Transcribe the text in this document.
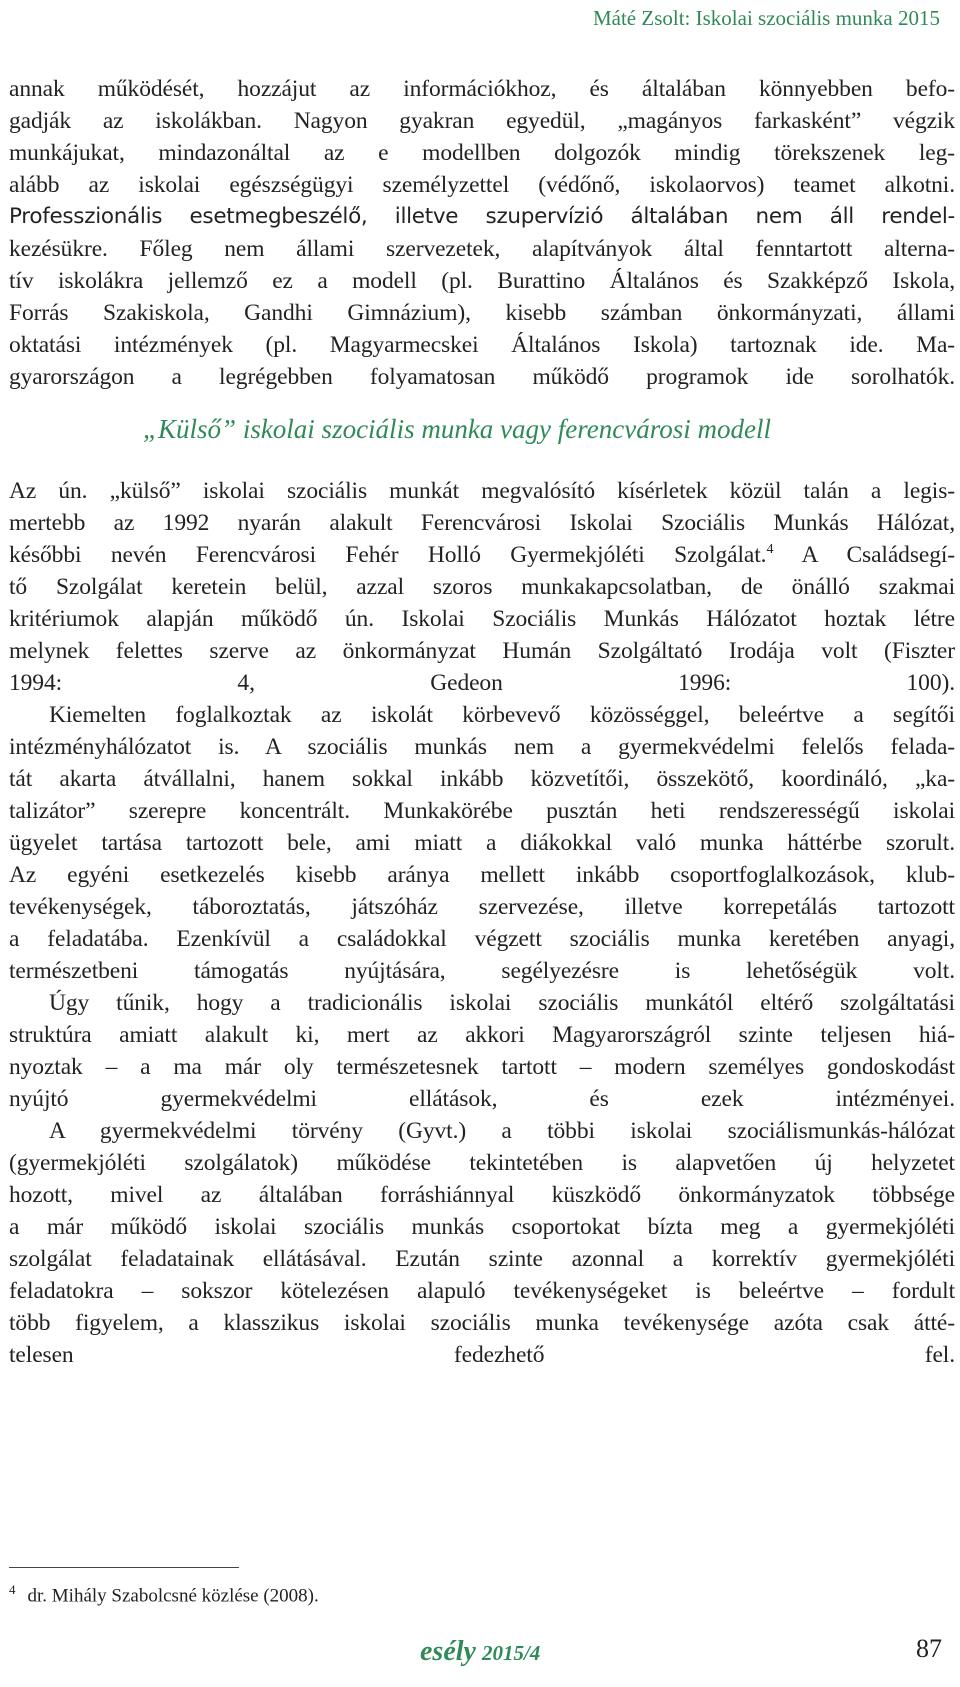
Máté Zsolt: Iskolai szociális munka 2015
annak működését, hozzájut az információkhoz, és általában könnyebben befo-
gadják az iskolákban. Nagyon gyakran egyedül, „magányos farkasként” végzik
munkájukat, mindazonáltal az e modellben dolgozók mindig törekszenek leg-
alább az iskolai egészségügyi személyzettel (védőnő, iskolaorvos) teamet alkotni.
Professzionális esetmegbeszélő, illetve szupervízió általában nem áll rendel-
kezésükre. Főleg nem állami szervezetek, alapítványok által fenntartott alterna-
tív iskolákra jellemző ez a modell (pl. Burattino Általános és Szakképző Iskola,
Forrás Szakiskola, Gandhi Gimnázium), kisebb számban önkormányzati, állami
oktatási intézmények (pl. Magyarmecskei Általános Iskola) tartoznak ide. Ma-
gyarországon a legrégebben folyamatosan működő programok ide sorolhatók.
„Külső” iskolai szociális munka vagy ferencvárosi modell
Az ún. „külső” iskolai szociális munkát megvalósító kísérletek közül talán a legis-
mertebb az 1992 nyarán alakult Ferencvárosi Iskolai Szociális Munkás Hálózat,
későbbi nevén Ferencvárosi Fehér Holló Gyermekjóléti Szolgálat.$^4$ A Családsegí-
tő Szolgálat keretein belül, azzal szoros munkakapcsolatban, de önálló szakmai
kritériumok alapján működő ún. Iskolai Szociális Munkás Hálózatot hoztak létre
melynek felettes szerve az önkormányzat Humán Szolgáltató Irodája volt (Fiszter
1994: 4, Gedeon 1996: 100).
Kiemelten foglalkoztak az iskolát körbevevő közösséggel, beleértve a segítői
intézményhálózatot is. A szociális munkás nem a gyermekvédelmi felelős felada-
tát akarta átvállalni, hanem sokkal inkább közvetítői, összekötő, koordináló, „ka-
talizátor” szerepre koncentrált. Munkakörébe pusztán heti rendszerességű iskolai
ügyelet tartása tartozott bele, ami miatt a diákokkal való munka háttérbe szorult.
Az egyéni esetkezelés kisebb aránya mellett inkább csoportfoglalkozások, klub-
tevékenységek, táboroztatás, játszóház szervezése, illetve korrepetálás tartozott
a feladatába. Ezenkívül a családokkal végzett szociális munka keretében anyagi,
természetbeni támogatás nyújtására, segélyezésre is lehetőségük volt.
Úgy tűnik, hogy a tradicionális iskolai szociális munkától eltérő szolgáltatási
struktúra amiatt alakult ki, mert az akkori Magyarországról szinte teljesen hiá-
nyoztak – a ma már oly természetesnek tartott – modern személyes gondoskodást
nyújtó gyermekvédelmi ellátások, és ezek intézményei.
A gyermekvédelmi törvény (Gyvt.) a többi iskolai szociálismunkás-hálózat
(gyermekjóléti szolgálatok) működése tekintetében is alapvetően új helyzetet
hozott, mivel az általában forráshiánnyal küszködő önkormányzatok többsége
a már működő iskolai szociális munkás csoportokat bízta meg a gyermekjóléti
szolgálat feladatainak ellátásával. Ezután szinte azonnal a korrektív gyermekjóléti
feladatokra – sokszor kötelezésen alapuló tevékenységeket is beleértve – fordult
több figyelem, a klasszikus iskolai szociális munka tevékenysége azóta csak átté-
telesen fedezhető fel.
$^4$ dr. Mihály Szabolcsné közlése (2008).
esély 2015/4	87
